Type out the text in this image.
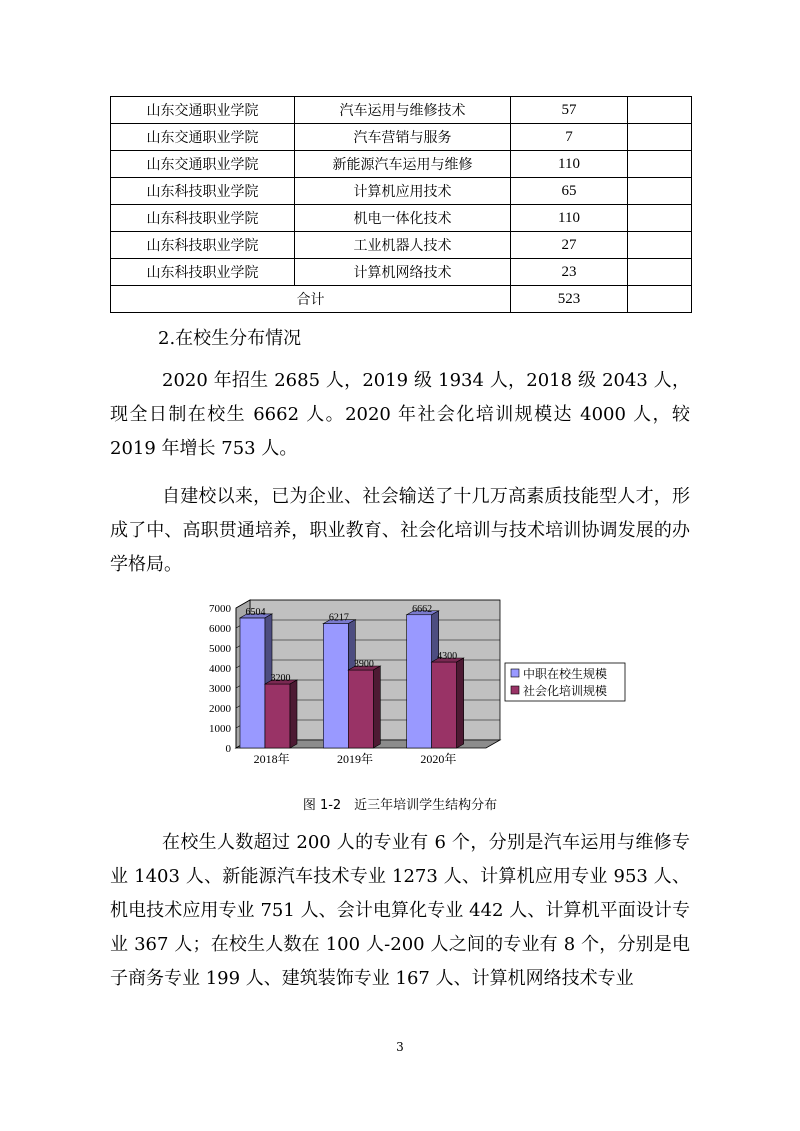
山东交通职业学院	汽车运用与维修技术	57	
山东交通职业学院	汽车营销与服务	7	
山东交通职业学院	新能源汽车运用与维修	110	
山东科技职业学院	计算机应用技术	65	
山东科技职业学院	机电一体化技术	110	
山东科技职业学院	工业机器人技术	27	
山东科技职业学院	计算机网络技术	23	
合计		523	

2.在校生分布情况

2020 年招生 2685 人，2019 级 1934 人，2018 级 2043 人，现全日制在校生 6662 人。2020 年社会化培训规模达 4000 人，较 2019 年增长 753 人。

自建校以来，已为企业、社会输送了十几万高素质技能型人才，形成了中、高职贯通培养，职业教育、社会化培训与技术培训协调发展的办学格局。

0
1000
2000
3000
4000
5000
6000
7000 6504
3200
2018年
6217
3900
2019年
6662
4300
2020年
中职在校生规模
社会化培训规模
图 1-2　近三年培训学生结构分布

在校生人数超过 200 人的专业有 6 个，分别是汽车运用与维修专业 1403 人、新能源汽车技术专业 1273 人、计算机应用专业 953 人、机电技术应用专业 751 人、会计电算化专业 442 人、计算机平面设计专业 367 人；在校生人数在 100 人-200 人之间的专业有 8 个，分别是电子商务专业 199 人、建筑装饰专业 167 人、计算机网络技术专业

3
